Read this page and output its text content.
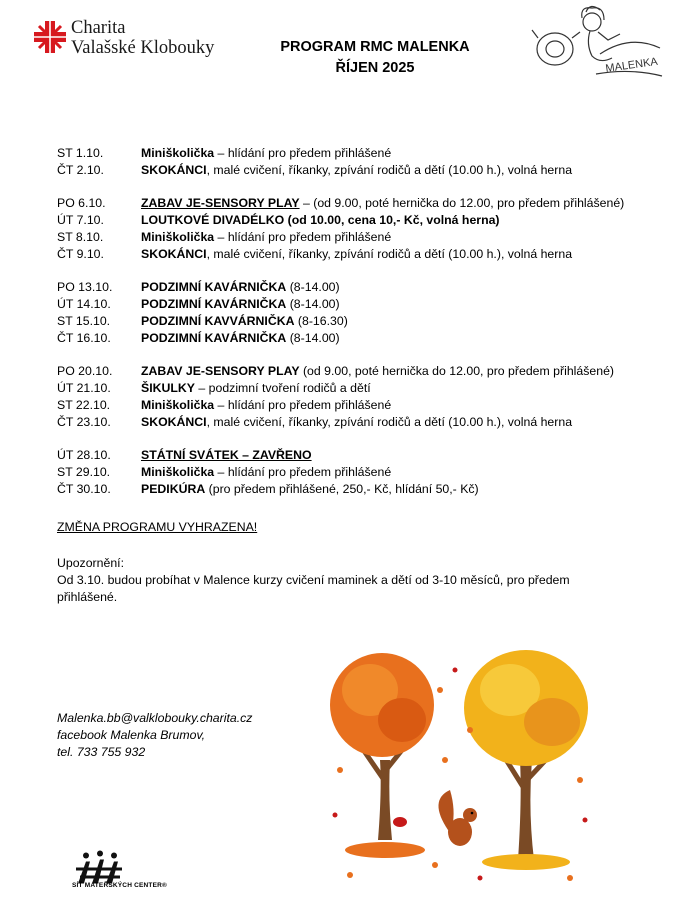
Charita
Valašské Klobouky	PROGRAM RMC MALENKA
ŘÍJEN 2025	MALENKA
ST 1.10.	Miniškolička – hlídání pro předem přihlášené
ČT 2.10.	SKOKÁNCI, malé cvičení, říkanky, zpívání rodičů a dětí (10.00 h.), volná herna
PO 6.10.	ZABAV JE-SENSORY PLAY – (od 9.00, poté hernička do 12.00, pro předem přihlášené)
ÚT 7.10.	LOUTKOVÉ DIVADÉLKO (od 10.00, cena 10,- Kč, volná herna)
ST 8.10.	Miniškolička – hlídání pro předem přihlášené
ČT 9.10.	SKOKÁNCI, malé cvičení, říkanky, zpívání rodičů a dětí (10.00 h.), volná herna
PO 13.10.	PODZIMNÍ KAVÁRNIČKA (8-14.00)
ÚT 14.10.	PODZIMNÍ KAVÁRNIČKA (8-14.00)
ST 15.10.	PODZIMNÍ KAVVÁRNIČKA (8-16.30)
ČT 16.10.	PODZIMNÍ KAVÁRNIČKA (8-14.00)
PO 20.10.	ZABAV JE-SENSORY PLAY (od 9.00, poté hernička do 12.00, pro předem přihlášené)
ÚT 21.10.	ŠIKULKY – podzimní tvoření rodičů a dětí
ST 22.10.	Miniškolička – hlídání pro předem přihlášené
ČT 23.10.	SKOKÁNCI, malé cvičení, říkanky, zpívání rodičů a dětí (10.00 h.), volná herna
ÚT 28.10.	STÁTNÍ SVÁTEK – ZAVŘENO
ST 29.10.	Miniškolička – hlídání pro předem přihlášené
ČT 30.10.	PEDIKÚRA (pro předem přihlášené, 250,- Kč, hlídání 50,- Kč)
ZMĚNA PROGRAMU VYHRAZENA!
Upozornění:
Od 3.10. budou probíhat v Malence kurzy cvičení maminek a dětí od 3-10 měsíců, pro předem přihlášené.
Malenka.bb@valklobouky.charita.cz
facebook Malenka Brumov,
tel. 733 755 932
SÍŤ MATEŘSKÝCH CENTER®
